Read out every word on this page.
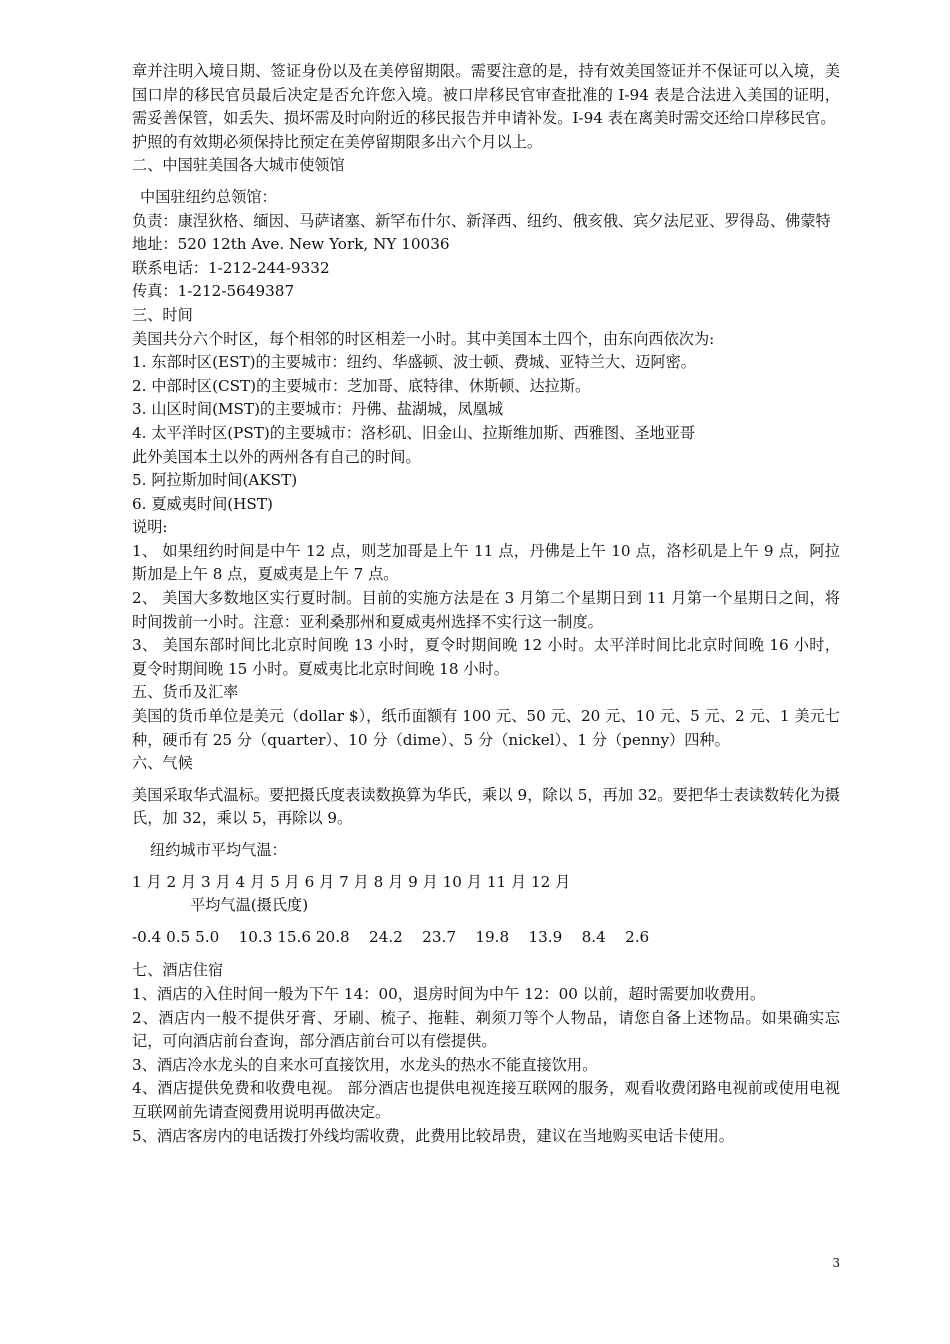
章并注明入境日期、签证身份以及在美停留期限。需要注意的是，持有效美国签证并不保证可以入境，美国口岸的移民官员最后决定是否允许您入境。被口岸移民官审查批准的 I-94 表是合法进入美国的证明，需妥善保管，如丢失、损坏需及时向附近的移民报告并申请补发。I-94 表在离美时需交还给口岸移民官。

护照的有效期必须保持比预定在美停留期限多出六个月以上。

二、中国驻美国各大城市使领馆

中国驻纽约总领馆：

负责：康涅狄格、缅因、马萨诸塞、新罕布什尔、新泽西、纽约、俄亥俄、宾夕法尼亚、罗得岛、佛蒙特

地址：520 12th Ave. New York, NY 10036

联系电话：1-212-244-9332

传真：1-212-5649387

三、时间

美国共分六个时区，每个相邻的时区相差一小时。其中美国本土四个，由东向西依次为:

1. 东部时区(EST)的主要城市：纽约、华盛顿、波士顿、费城、亚特兰大、迈阿密。

2. 中部时区(CST)的主要城市：芝加哥、底特律、休斯顿、达拉斯。

3. 山区时间(MST)的主要城市：丹佛、盐湖城，凤凰城

4. 太平洋时区(PST)的主要城市：洛杉矶、旧金山、拉斯维加斯、西雅图、圣地亚哥

此外美国本土以外的两州各有自己的时间。

5. 阿拉斯加时间(AKST)

6. 夏威夷时间(HST)

说明:

1、 如果纽约时间是中午 12 点，则芝加哥是上午 11 点，丹佛是上午 10 点，洛杉矶是上午 9 点，阿拉斯加是上午 8 点，夏威夷是上午 7 点。

2、 美国大多数地区实行夏时制。目前的实施方法是在 3 月第二个星期日到 11 月第一个星期日之间，将时间拨前一小时。注意：亚利桑那州和夏威夷州选择不实行这一制度。

3、 美国东部时间比北京时间晚 13 小时，夏令时期间晚 12 小时。太平洋时间比北京时间晚 16 小时，夏令时期间晚 15 小时。夏威夷比北京时间晚 18 小时。

五、货币及汇率

美国的货币单位是美元（dollar $），纸币面额有 100 元、50 元、20 元、10 元、5 元、2 元、1 美元七种，硬币有 25 分（quarter）、10 分（dime）、5 分（nickel）、1 分（penny）四种。

六、气候

美国采取华式温标。要把摄氏度表读数换算为华氏，乘以 9，除以 5，再加 32。要把华士表读数转化为摄氏，加 32，乘以 5，再除以 9。

纽约城市平均气温：

1 月
2 月
3 月
4 月
5 月
6 月
7 月
8 月
9 月
10 月
11 月
12 月

平均气温(摄氏度)

-0.4
0.5
5.0
10.3
15.6
20.8
24.2
23.7
19.8
13.9
8.4
2.6

七、酒店住宿

1、酒店的入住时间一般为下午 14：00，退房时间为中午 12：00 以前，超时需要加收费用。

2、酒店内一般不提供牙膏、牙刷、梳子、拖鞋、剃须刀等个人物品，请您自备上述物品。如果确实忘记，可向酒店前台查询，部分酒店前台可以有偿提供。

3、酒店冷水龙头的自来水可直接饮用，水龙头的热水不能直接饮用。

4、酒店提供免费和收费电视。 部分酒店也提供电视连接互联网的服务，观看收费闭路电视前或使用电视互联网前先请查阅费用说明再做决定。

5、酒店客房内的电话拨打外线均需收费，此费用比较昂贵，建议在当地购买电话卡使用。

3
